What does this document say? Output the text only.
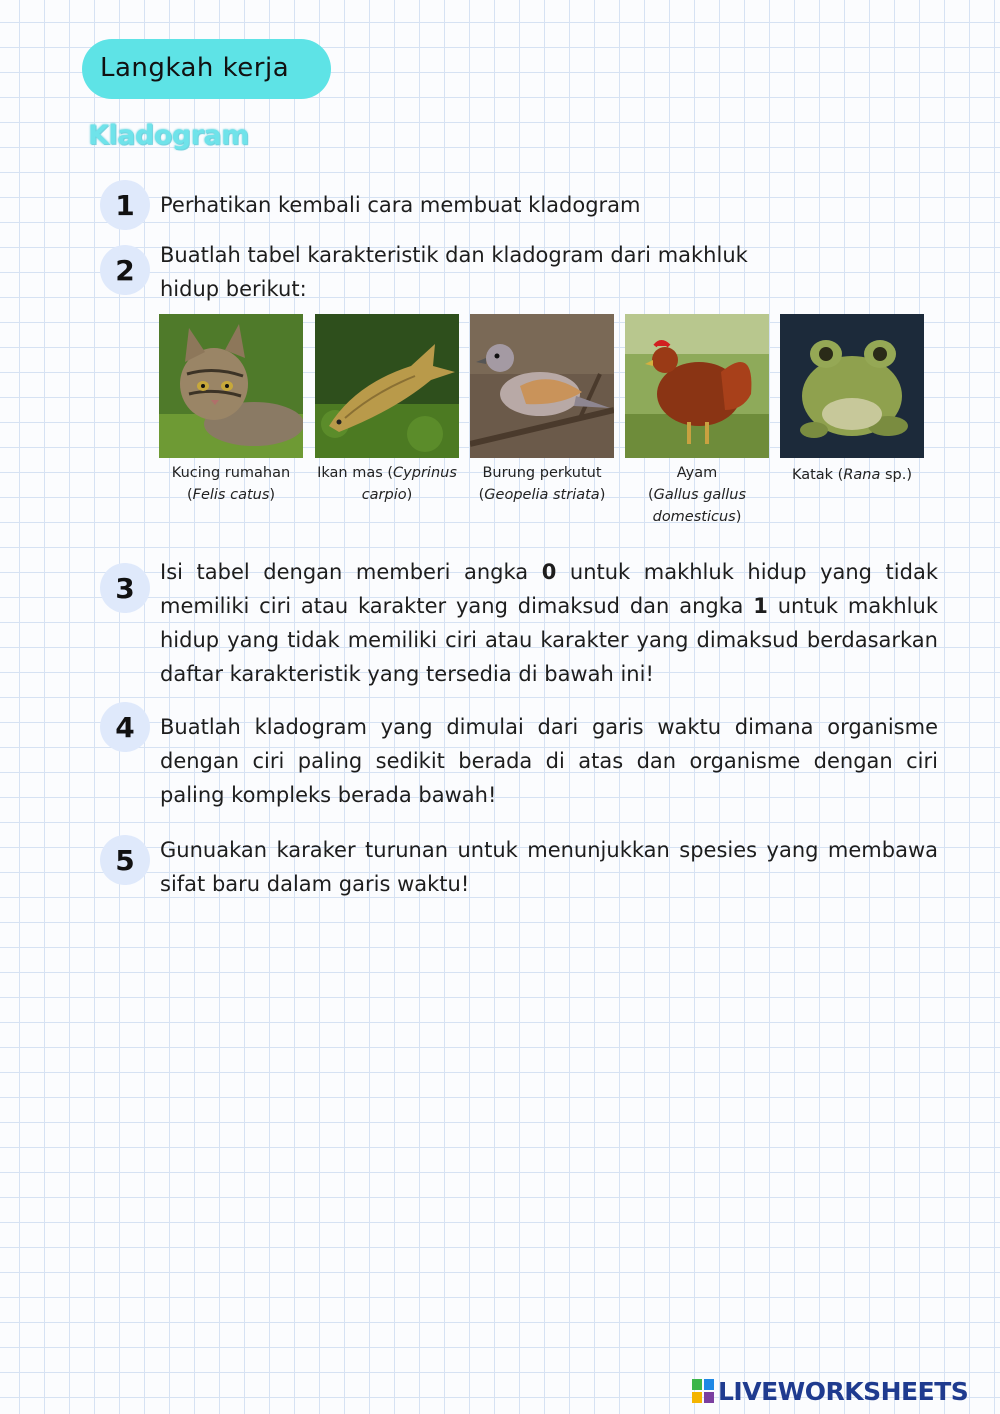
Langkah kerja
Kladogram
1	Perhatikan kembali cara membuat kladogram
2	Buatlah tabel karakteristik dan kladogram dari makhluk hidup berikut:
Kucing rumahan
(Felis catus)
Ikan mas (Cyprinus carpio)
Burung perkutut
(Geopelia striata)
Ayam
(Gallus gallus domesticus)
Katak (Rana sp.)
3	Isi tabel dengan memberi angka 0 untuk makhluk hidup yang tidak memiliki ciri atau karakter yang dimaksud dan angka 1 untuk makhluk hidup yang tidak memiliki ciri atau karakter yang dimaksud berdasarkan daftar karakteristik yang tersedia di bawah ini!
4	Buatlah kladogram yang dimulai dari garis waktu dimana organisme dengan ciri paling sedikit berada di atas dan organisme dengan ciri paling kompleks berada bawah!
5	Gunuakan karaker turunan untuk menunjukkan spesies yang membawa sifat baru dalam garis waktu!
LIVEWORKSHEETS
